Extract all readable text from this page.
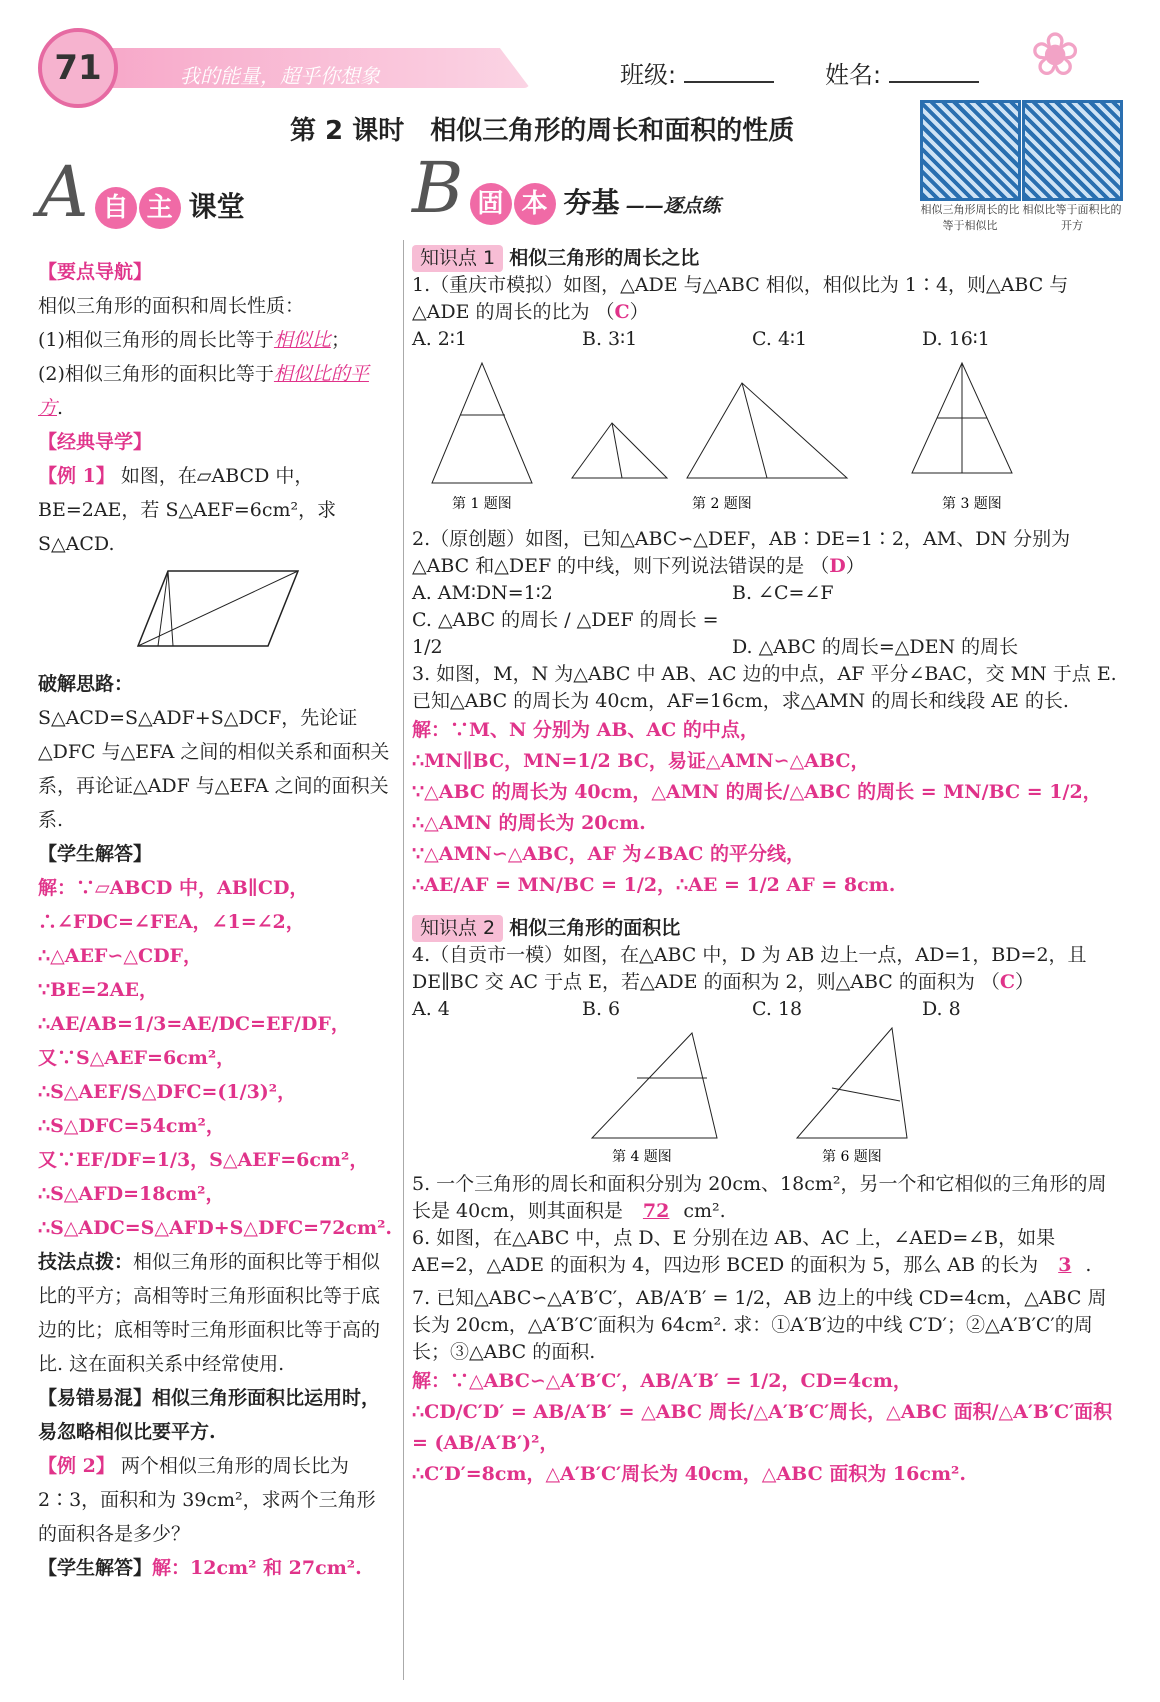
71	我的能量，超乎你想象	班级:	姓名:	❀
第 2 课时　相似三角形的周长和面积的性质
相似三角形周长的比等于相似比
相似比等于面积比的开方
A 自 主 课堂
【要点导航】
相似三角形的面积和周长性质：
(1)相似三角形的周长比等于相似比；
(2)相似三角形的面积比等于相似比的平方.
【经典导学】
【例 1】 如图，在▱ABCD 中，BE=2AE，若 S△AEF=6cm²，求 S△ACD.
破解思路：S△ACD=S△ADF+S△DCF，先论证△DFC 与△EFA 之间的相似关系和面积关系，再论证△ADF 与△EFA 之间的面积关系.
【学生解答】
解：∵▱ABCD 中，AB∥CD，∴∠FDC=∠FEA，∠1=∠2，
∴△AEF∽△CDF，
∵BE=2AE，∴AE/AB=1/3=AE/DC=EF/DF，
又∵S△AEF=6cm²，
∴S△AEF/S△DFC=(1/3)²，
∴S△DFC=54cm²，
又∵EF/DF=1/3，S△AEF=6cm²，
∴S△AFD=18cm²，
∴S△ADC=S△AFD+S△DFC=72cm².
技法点拨：相似三角形的面积比等于相似比的平方；高相等时三角形面积比等于底边的比；底相等时三角形面积比等于高的比. 这在面积关系中经常使用.
【易错易混】相似三角形面积比运用时，易忽略相似比要平方.
【例 2】 两个相似三角形的周长比为 2∶3，面积和为 39cm²，求两个三角形的面积各是多少？
【学生解答】解：12cm² 和 27cm².
B 固 本 夯基 ——逐点练
知识点 1 相似三角形的周长之比
1.（重庆市模拟）如图，△ADE 与△ABC 相似，相似比为 1∶4，则△ABC 与△ADE 的周长的比为 （C）
A. 2∶1	B. 3∶1	C. 4∶1	D. 16∶1
第 1 题图	第 2 题图	第 3 题图
2.（原创题）如图，已知△ABC∽△DEF，AB∶DE=1∶2，AM、DN 分别为△ABC 和△DEF 的中线，则下列说法错误的是 （D）
A. AM∶DN=1∶2	B. ∠C=∠F
C. △ABC 的周长 / △DEF 的周长 = 1/2	D. △ABC 的周长=△DEN 的周长
3. 如图，M，N 为△ABC 中 AB、AC 边的中点，AF 平分∠BAC，交 MN 于点 E. 已知△ABC 的周长为 40cm，AF=16cm，求△AMN 的周长和线段 AE 的长.
解：∵M、N 分别为 AB、AC 的中点，
∴MN∥BC，MN=1/2 BC，易证△AMN∽△ABC，
∵△ABC 的周长为 40cm，△AMN 的周长/△ABC 的周长 = MN/BC = 1/2，
∴△AMN 的周长为 20cm.
∵△AMN∽△ABC，AF 为∠BAC 的平分线，
∴AE/AF = MN/BC = 1/2，∴AE = 1/2 AF = 8cm.
知识点 2 相似三角形的面积比
4.（自贡市一模）如图，在△ABC 中，D 为 AB 边上一点，AD=1，BD=2，且 DE∥BC 交 AC 于点 E，若△ADE 的面积为 2，则△ABC 的面积为 （C）
A. 4	B. 6	C. 18	D. 8
第 4 题图	第 6 题图
5. 一个三角形的周长和面积分别为 20cm、18cm²，另一个和它相似的三角形的周长是 40cm，则其面积是 72 cm².
6. 如图，在△ABC 中，点 D、E 分别在边 AB、AC 上，∠AED=∠B，如果 AE=2，△ADE 的面积为 4，四边形 BCED 的面积为 5，那么 AB 的长为 3 .
7. 已知△ABC∽△A′B′C′，AB/A′B′ = 1/2，AB 边上的中线 CD=4cm，△ABC 周长为 20cm，△A′B′C′面积为 64cm². 求：①A′B′边的中线 C′D′；②△A′B′C′的周长；③△ABC 的面积.
解：∵△ABC∽△A′B′C′，AB/A′B′ = 1/2，CD=4cm，
∴CD/C′D′ = AB/A′B′ = △ABC 周长/△A′B′C′周长，△ABC 面积/△A′B′C′面积 = (AB/A′B′)²，
∴C′D′=8cm，△A′B′C′周长为 40cm，△ABC 面积为 16cm².
